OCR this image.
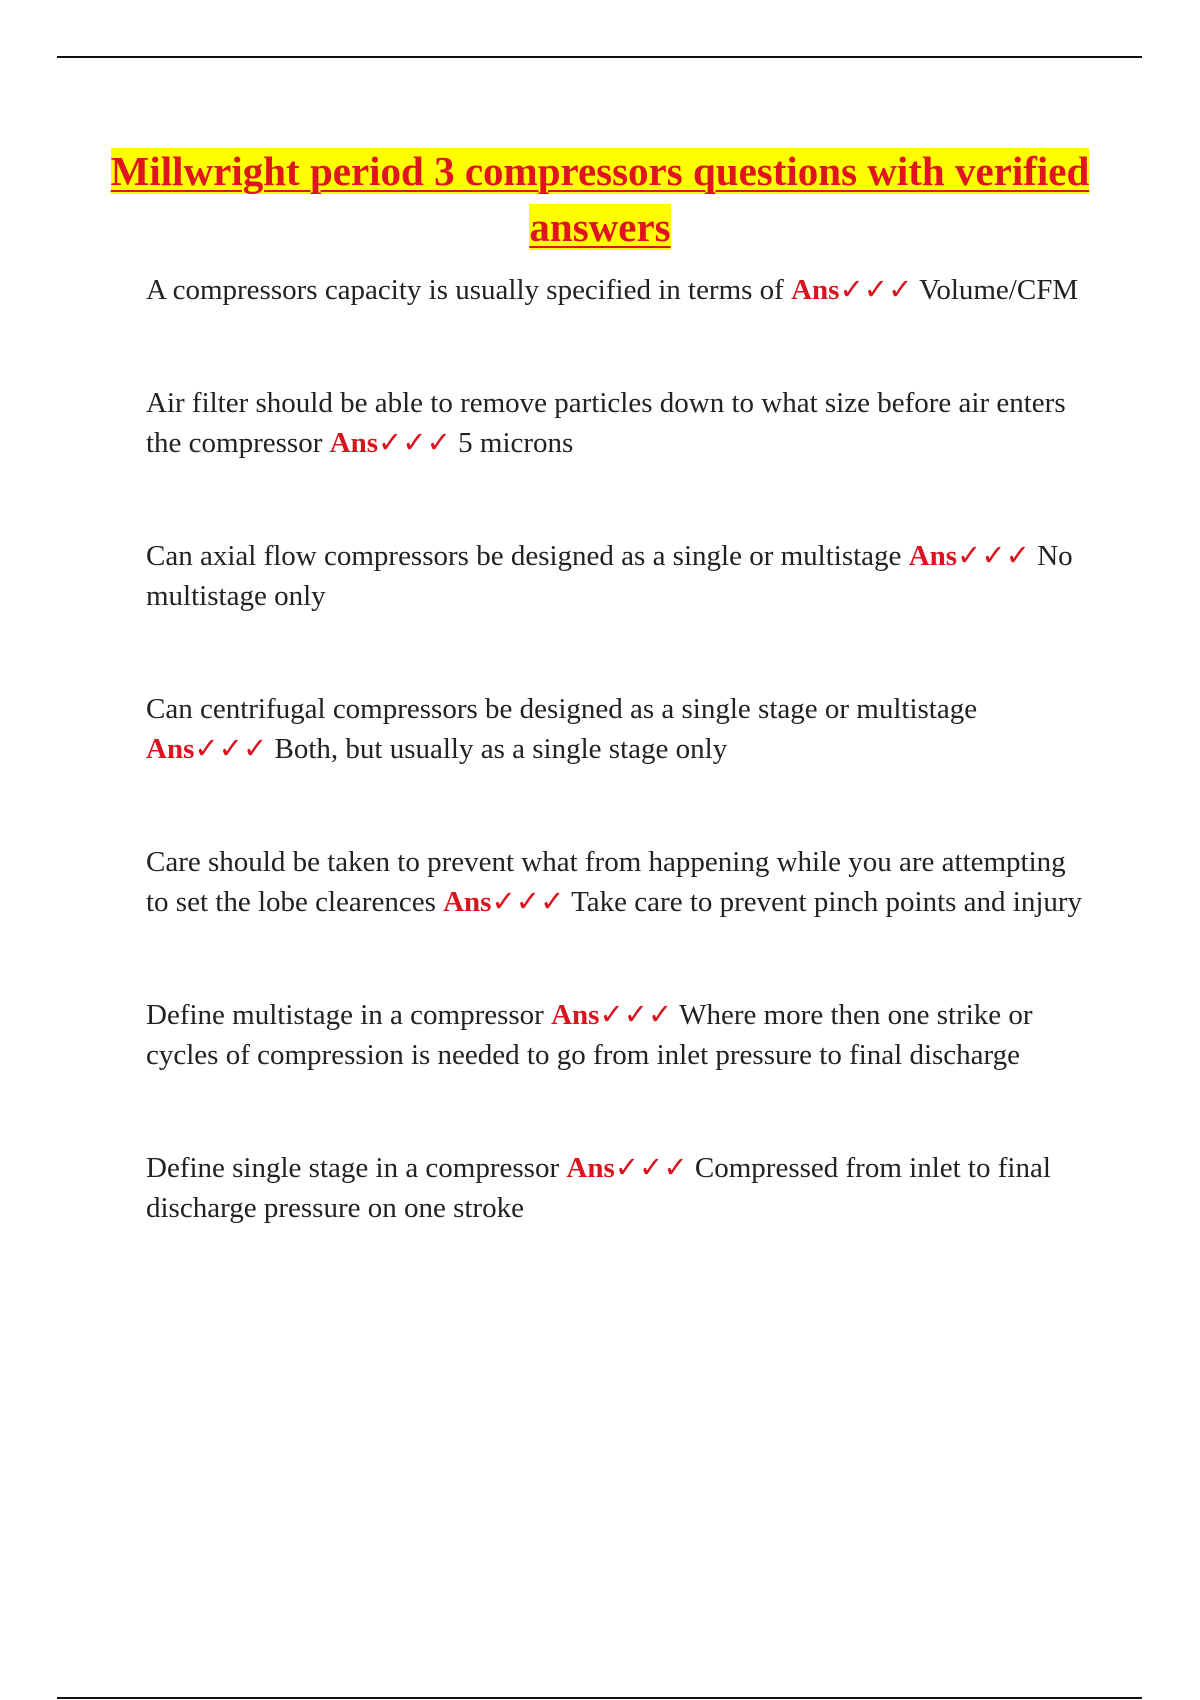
Millwright period 3 compressors questions with verified answers

A compressors capacity is usually specified in terms of Ans✓✓✓ Volume/CFM

Air filter should be able to remove particles down to what size before air enters the compressor Ans✓✓✓ 5 microns

Can axial flow compressors be designed as a single or multistage Ans✓✓✓ No multistage only

Can centrifugal compressors be designed as a single stage or multistage Ans✓✓✓ Both, but usually as a single stage only

Care should be taken to prevent what from happening while you are attempting to set the lobe clearences Ans✓✓✓ Take care to prevent pinch points and injury

Define multistage in a compressor Ans✓✓✓ Where more then one strike or cycles of compression is needed to go from inlet pressure to final discharge

Define single stage in a compressor Ans✓✓✓ Compressed from inlet to final discharge pressure on one stroke
